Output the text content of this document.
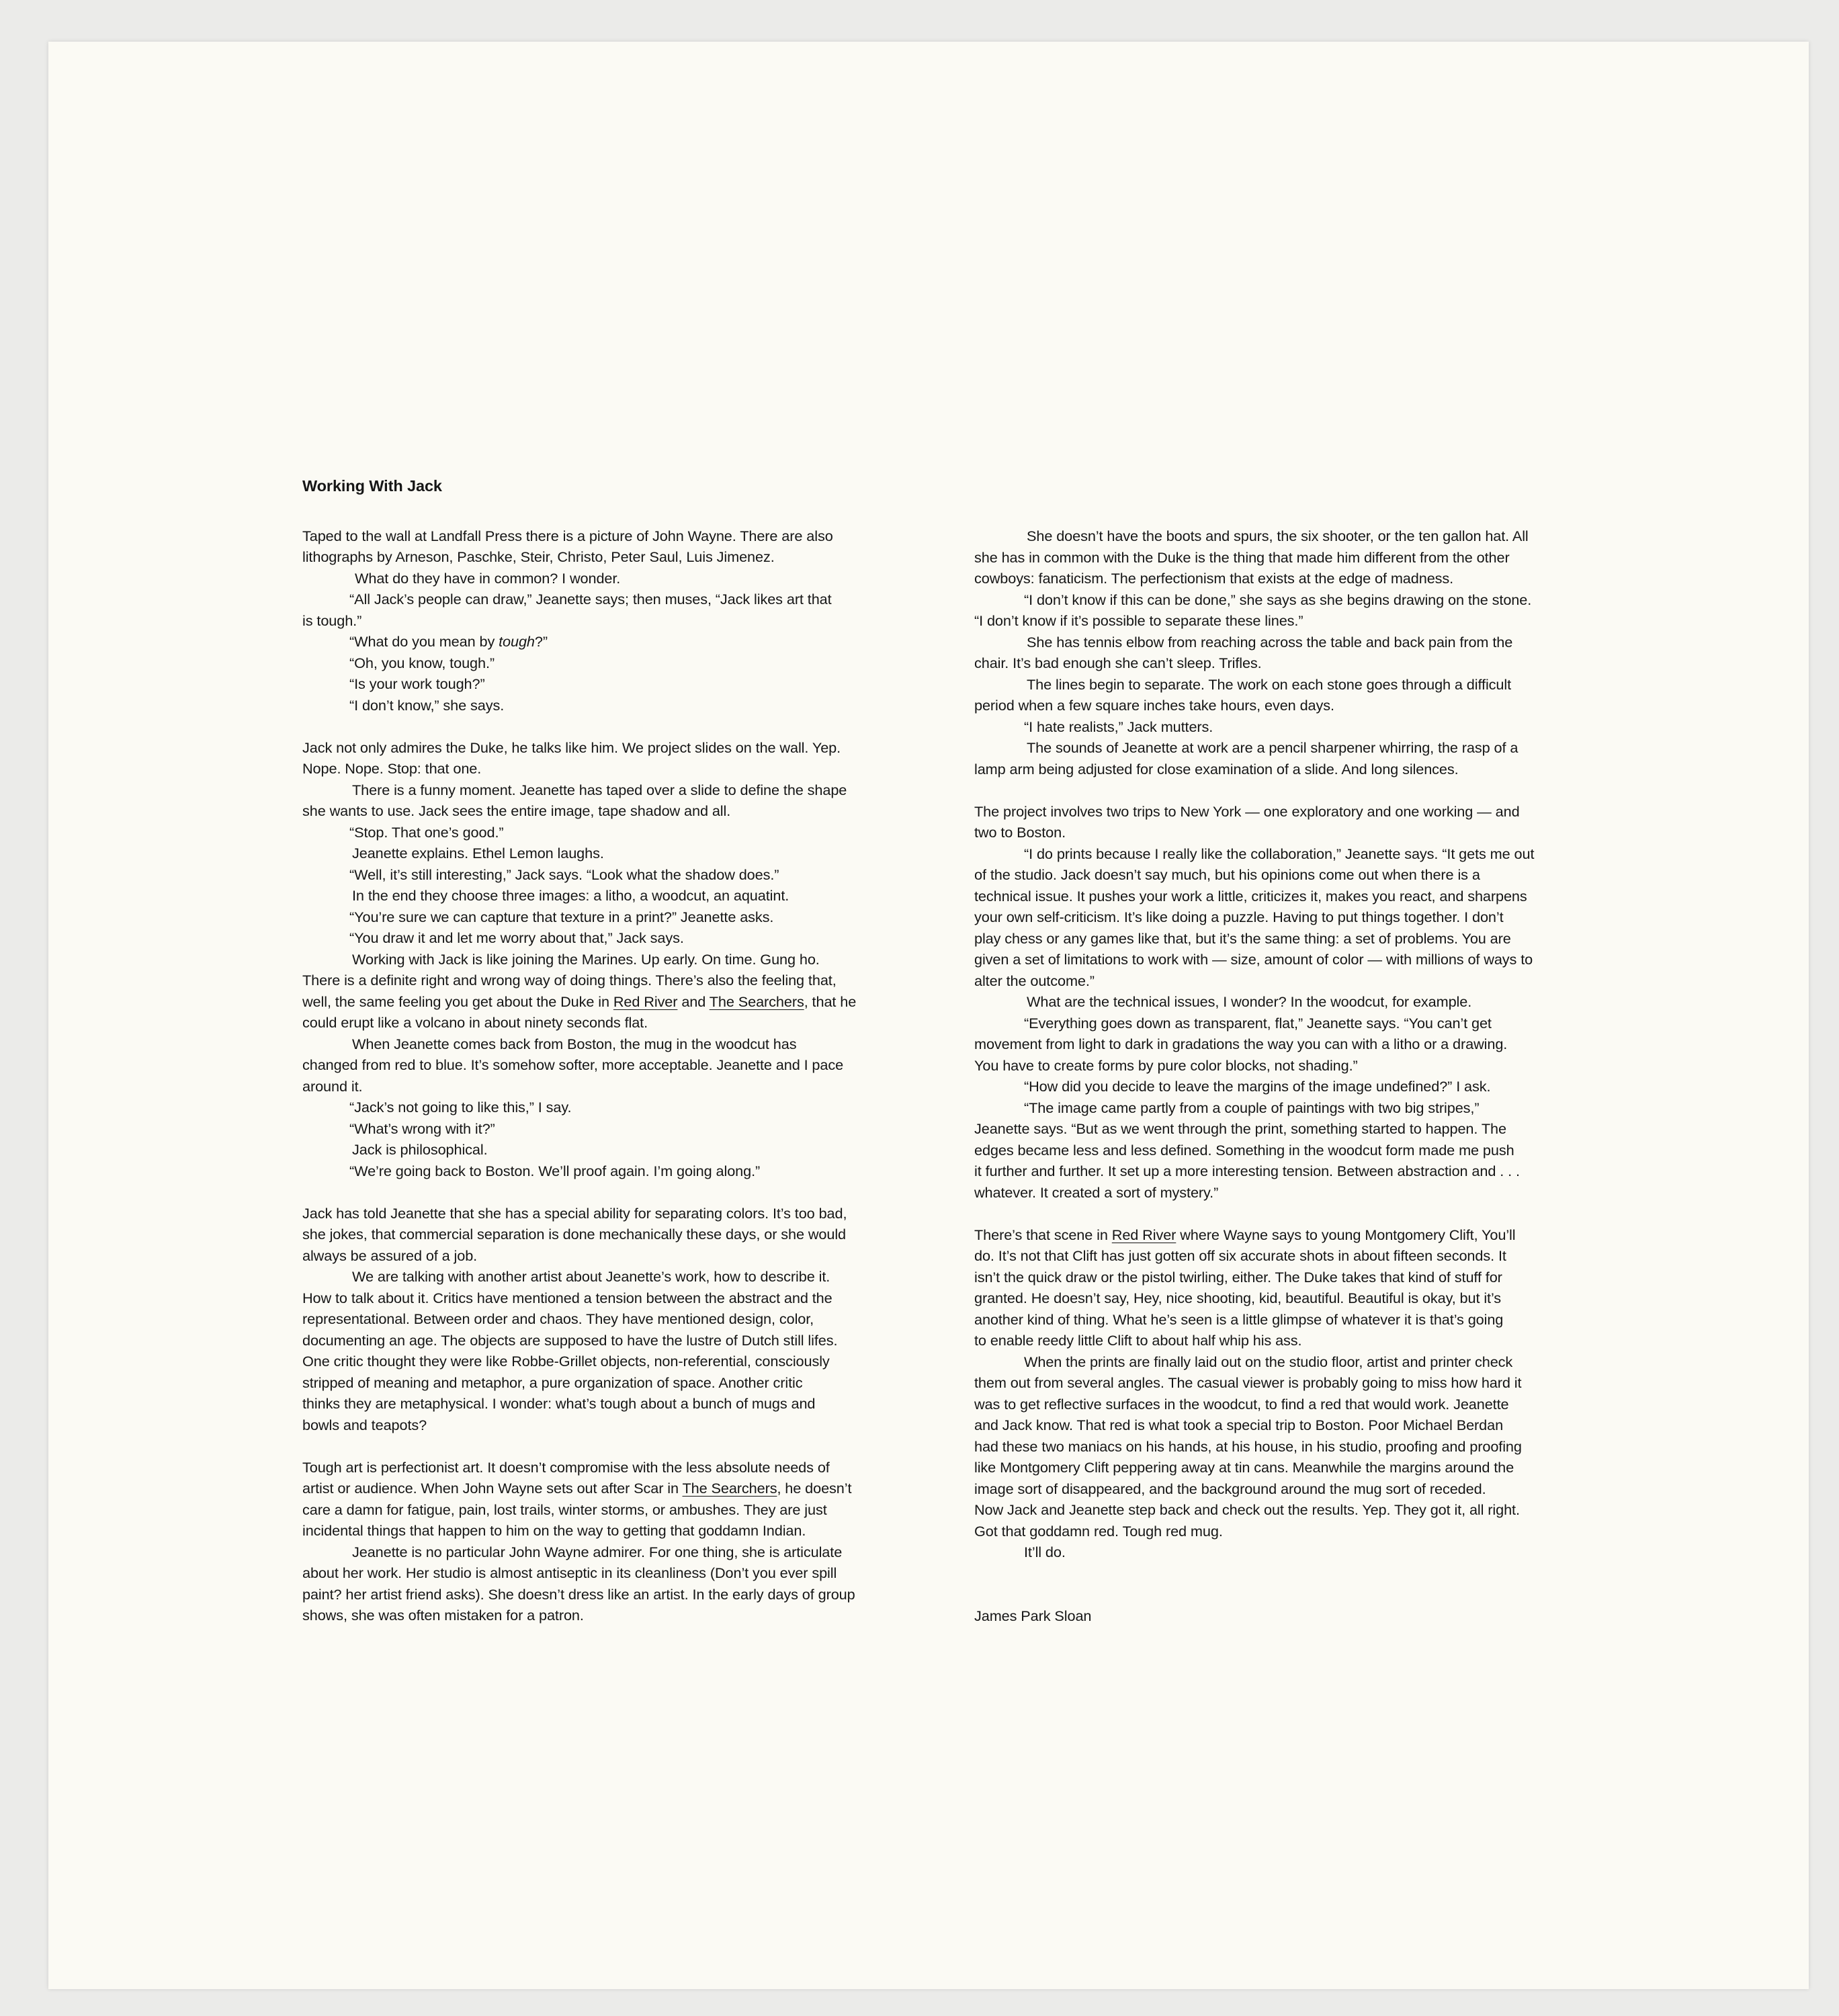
Working With Jack
Taped to the wall at Landfall Press there is a picture of John Wayne. There are also
lithographs by Arneson, Paschke, Steir, Christo, Peter Saul, Luis Jimenez.
What do they have in common? I wonder.
“All Jack’s people can draw,” Jeanette says; then muses, “Jack likes art that
is tough.”
“What do you mean by tough?”
“Oh, you know, tough.”
“Is your work tough?”
“I don’t know,” she says.
Jack not only admires the Duke, he talks like him. We project slides on the wall. Yep.
Nope. Nope. Stop: that one.
There is a funny moment. Jeanette has taped over a slide to define the shape
she wants to use. Jack sees the entire image, tape shadow and all.
“Stop. That one’s good.”
Jeanette explains. Ethel Lemon laughs.
“Well, it’s still interesting,” Jack says. “Look what the shadow does.”
In the end they choose three images: a litho, a woodcut, an aquatint.
“You’re sure we can capture that texture in a print?” Jeanette asks.
“You draw it and let me worry about that,” Jack says.
Working with Jack is like joining the Marines. Up early. On time. Gung ho.
There is a definite right and wrong way of doing things. There’s also the feeling that,
well, the same feeling you get about the Duke in Red River and The Searchers, that he
could erupt like a volcano in about ninety seconds flat.
When Jeanette comes back from Boston, the mug in the woodcut has
changed from red to blue. It’s somehow softer, more acceptable. Jeanette and I pace
around it.
“Jack’s not going to like this,” I say.
“What’s wrong with it?”
Jack is philosophical.
“We’re going back to Boston. We’ll proof again. I’m going along.”
Jack has told Jeanette that she has a special ability for separating colors. It’s too bad,
she jokes, that commercial separation is done mechanically these days, or she would
always be assured of a job.
We are talking with another artist about Jeanette’s work, how to describe it.
How to talk about it. Critics have mentioned a tension between the abstract and the
representational. Between order and chaos. They have mentioned design, color,
documenting an age. The objects are supposed to have the lustre of Dutch still lifes.
One critic thought they were like Robbe-Grillet objects, non-referential, consciously
stripped of meaning and metaphor, a pure organization of space. Another critic
thinks they are metaphysical. I wonder: what’s tough about a bunch of mugs and
bowls and teapots?
Tough art is perfectionist art. It doesn’t compromise with the less absolute needs of
artist or audience. When John Wayne sets out after Scar in The Searchers, he doesn’t
care a damn for fatigue, pain, lost trails, winter storms, or ambushes. They are just
incidental things that happen to him on the way to getting that goddamn Indian.
Jeanette is no particular John Wayne admirer. For one thing, she is articulate
about her work. Her studio is almost antiseptic in its cleanliness (Don’t you ever spill
paint? her artist friend asks). She doesn’t dress like an artist. In the early days of group
shows, she was often mistaken for a patron.
She doesn’t have the boots and spurs, the six shooter, or the ten gallon hat. All
she has in common with the Duke is the thing that made him different from the other
cowboys: fanaticism. The perfectionism that exists at the edge of madness.
“I don’t know if this can be done,” she says as she begins drawing on the stone.
“I don’t know if it’s possible to separate these lines.”
She has tennis elbow from reaching across the table and back pain from the
chair. It’s bad enough she can’t sleep. Trifles.
The lines begin to separate. The work on each stone goes through a difficult
period when a few square inches take hours, even days.
“I hate realists,” Jack mutters.
The sounds of Jeanette at work are a pencil sharpener whirring, the rasp of a
lamp arm being adjusted for close examination of a slide. And long silences.
The project involves two trips to New York — one exploratory and one working — and
two to Boston.
“I do prints because I really like the collaboration,” Jeanette says. “It gets me out
of the studio. Jack doesn’t say much, but his opinions come out when there is a
technical issue. It pushes your work a little, criticizes it, makes you react, and sharpens
your own self-criticism. It’s like doing a puzzle. Having to put things together. I don’t
play chess or any games like that, but it’s the same thing: a set of problems. You are
given a set of limitations to work with — size, amount of color — with millions of ways to
alter the outcome.”
What are the technical issues, I wonder? In the woodcut, for example.
“Everything goes down as transparent, flat,” Jeanette says. “You can’t get
movement from light to dark in gradations the way you can with a litho or a drawing.
You have to create forms by pure color blocks, not shading.”
“How did you decide to leave the margins of the image undefined?” I ask.
“The image came partly from a couple of paintings with two big stripes,”
Jeanette says. “But as we went through the print, something started to happen. The
edges became less and less defined. Something in the woodcut form made me push
it further and further. It set up a more interesting tension. Between abstraction and . . .
whatever. It created a sort of mystery.”
There’s that scene in Red River where Wayne says to young Montgomery Clift, You’ll
do. It’s not that Clift has just gotten off six accurate shots in about fifteen seconds. It
isn’t the quick draw or the pistol twirling, either. The Duke takes that kind of stuff for
granted. He doesn’t say, Hey, nice shooting, kid, beautiful. Beautiful is okay, but it’s
another kind of thing. What he’s seen is a little glimpse of whatever it is that’s going
to enable reedy little Clift to about half whip his ass.
When the prints are finally laid out on the studio floor, artist and printer check
them out from several angles. The casual viewer is probably going to miss how hard it
was to get reflective surfaces in the woodcut, to find a red that would work. Jeanette
and Jack know. That red is what took a special trip to Boston. Poor Michael Berdan
had these two maniacs on his hands, at his house, in his studio, proofing and proofing
like Montgomery Clift peppering away at tin cans. Meanwhile the margins around the
image sort of disappeared, and the background around the mug sort of receded.
Now Jack and Jeanette step back and check out the results. Yep. They got it, all right.
Got that goddamn red. Tough red mug.
It’ll do.
James Park Sloan
